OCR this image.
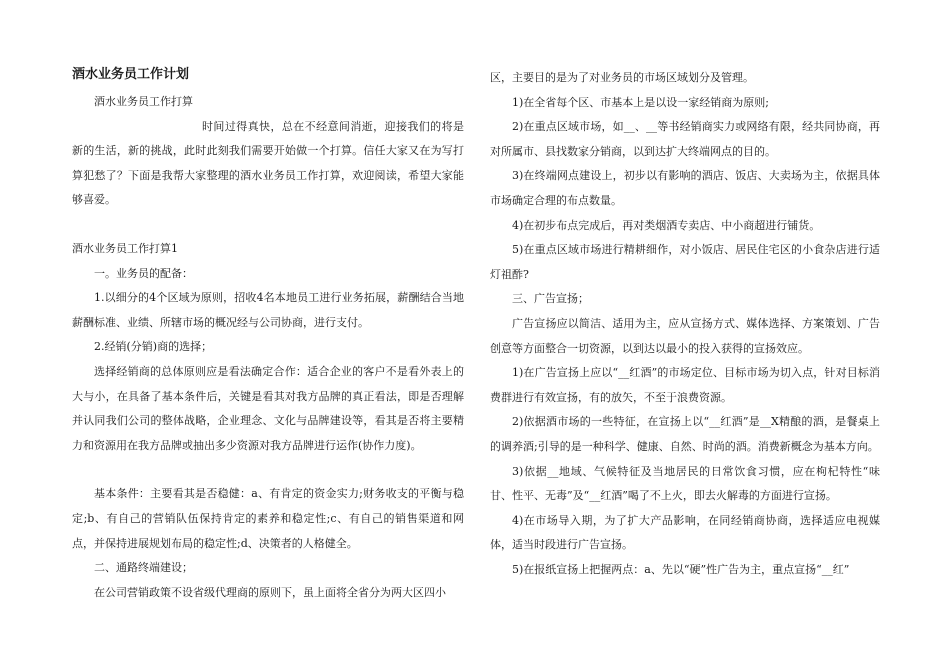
酒水业务员工作计划

酒水业务员工作打算

时间过得真快，总在不经意间消逝，迎接我们的将是新的生活，新的挑战，此时此刻我们需要开始做一个打算。信任大家又在为写打算犯愁了？下面是我帮大家整理的酒水业务员工作打算，欢迎阅读，希望大家能够喜爱。

酒水业务员工作打算1

一。业务员的配备：

1.以细分的4个区域为原则，招收4名本地员工进行业务拓展，薪酬结合当地薪酬标准、业绩、所辖市场的概况经与公司协商，进行支付。

2.经销(分销)商的选择；

选择经销商的总体原则应是看法确定合作：适合企业的客户不是看外表上的大与小，在具备了基本条件后，关键是看其对我方品牌的真正看法，即是否理解并认同我们公司的整体战略，企业理念、文化与品牌建设等，看其是否将主要精力和资源用在我方品牌或抽出多少资源对我方品牌进行运作(协作力度)。

基本条件：主要看其是否稳健：a、有肯定的资金实力;财务收支的平衡与稳定;b、有自己的营销队伍保持肯定的素养和稳定性;c、有自己的销售渠道和网点，并保持进展规划布局的稳定性;d、决策者的人格健全。

二、通路终端建设；

在公司营销政策不设省级代理商的原则下，虽上面将全省分为两大区四小

区，主要目的是为了对业务员的市场区域划分及管理。

1)在全省每个区、市基本上是以设一家经销商为原则;

2)在重点区域市场，如__、__等书经销商实力或网络有限，经共同协商，再对所属市、县找数家分销商，以到达扩大终端网点的目的。

3)在终端网点建设上，初步以有影响的酒店、饭店、大卖场为主，依据具体市场确定合理的布点数量。

4)在初步布点完成后，再对类烟酒专卖店、中小商超进行铺货。

5)在重点区域市场进行精耕细作，对小饭店、居民住宅区的小食杂店进行适灯祖酢?

三、广告宣扬；

广告宣扬应以简洁、适用为主，应从宣扬方式、媒体选择、方案策划、广告创意等方面整合一切资源，以到达以最小的投入获得的宣扬效应。

1)在广告宣扬上应以“__红酒”的市场定位、目标市场为切入点，针对目标消费群进行有效宣扬，有的放矢，不至于浪费资源。

2)依据酒市场的一些特征，在宣扬上以“__红酒”是__X精酿的酒，是餐桌上的调养酒;引导的是一种科学、健康、自然、时尚的酒。消费新概念为基本方向。

3)依据__地域、气候特征及当地居民的日常饮食习惯，应在枸杞特性“味甘、性平、无毒”及“__红酒”喝了不上火，即去火解毒的方面进行宣扬。

4)在市场导入期，为了扩大产品影响，在同经销商协商，选择适应电视媒体，适当时段进行广告宣扬。

5)在报纸宣扬上把握两点：a、先以“硬”性广告为主，重点宣扬“__红”
